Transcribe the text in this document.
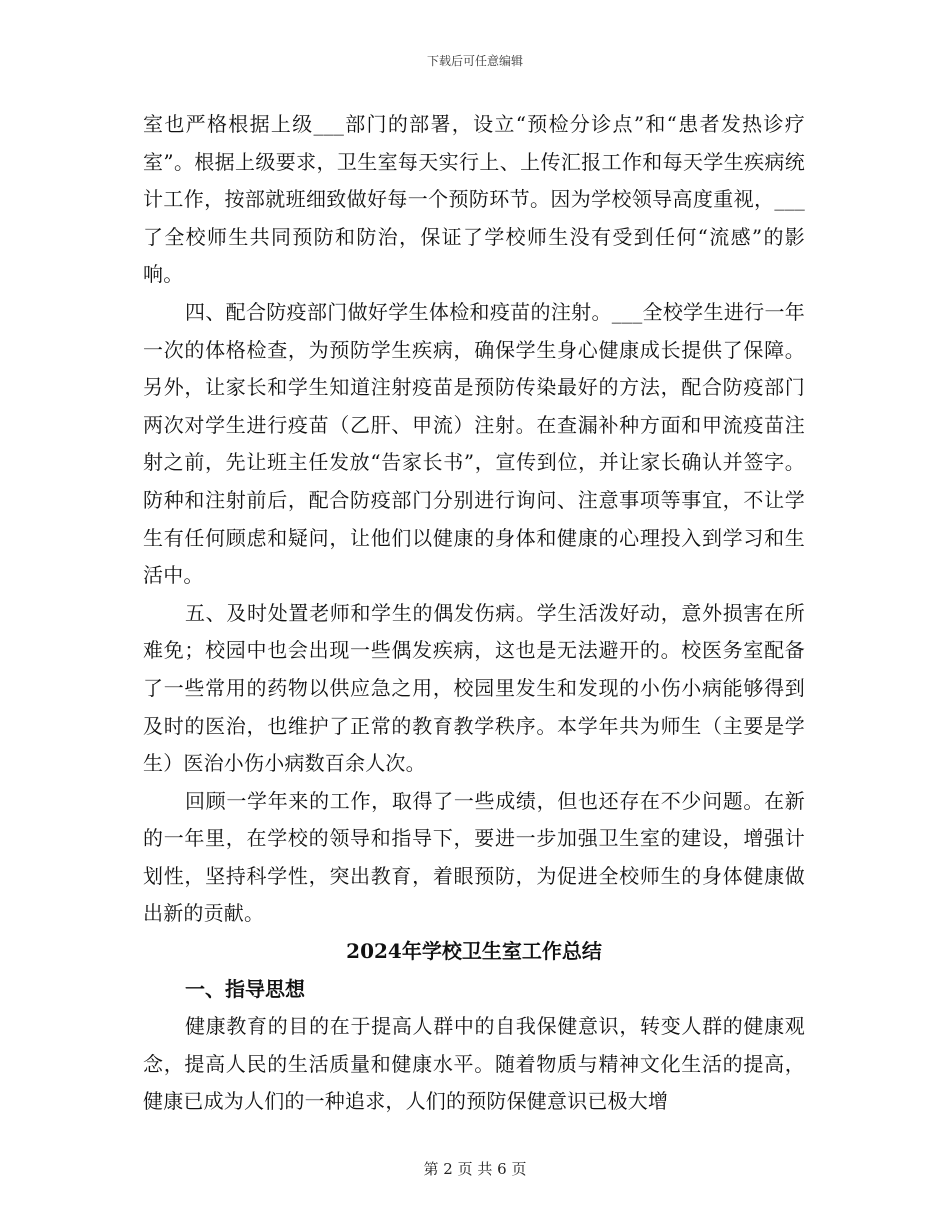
下载后可任意编辑

室也严格根据上级___部门的部署，设立“预检分诊点”和“患者发热诊疗室”。根据上级要求，卫生室每天实行上、上传汇报工作和每天学生疾病统计工作，按部就班细致做好每一个预防环节。因为学校领导高度重视，___了全校师生共同预防和防治，保证了学校师生没有受到任何“流感”的影响。

四、配合防疫部门做好学生体检和疫苗的注射。___全校学生进行一年一次的体格检查，为预防学生疾病，确保学生身心健康成长提供了保障。另外，让家长和学生知道注射疫苗是预防传染最好的方法，配合防疫部门两次对学生进行疫苗（乙肝、甲流）注射。在查漏补种方面和甲流疫苗注射之前，先让班主任发放“告家长书”，宣传到位，并让家长确认并签字。防种和注射前后，配合防疫部门分别进行询问、注意事项等事宜，不让学生有任何顾虑和疑问，让他们以健康的身体和健康的心理投入到学习和生活中。

五、及时处置老师和学生的偶发伤病。学生活泼好动，意外损害在所难免；校园中也会出现一些偶发疾病，这也是无法避开的。校医务室配备了一些常用的药物以供应急之用，校园里发生和发现的小伤小病能够得到及时的医治，也维护了正常的教育教学秩序。本学年共为师生（主要是学生）医治小伤小病数百余人次。

回顾一学年来的工作，取得了一些成绩，但也还存在不少问题。在新的一年里，在学校的领导和指导下，要进一步加强卫生室的建设，增强计划性，坚持科学性，突出教育，着眼预防，为促进全校师生的身体健康做出新的贡献。

2024年学校卫生室工作总结

一、指导思想

健康教育的目的在于提高人群中的自我保健意识，转变人群的健康观念，提高人民的生活质量和健康水平。随着物质与精神文化生活的提高，健康已成为人们的一种追求，人们的预防保健意识已极大增

第 2 页 共 6 页
